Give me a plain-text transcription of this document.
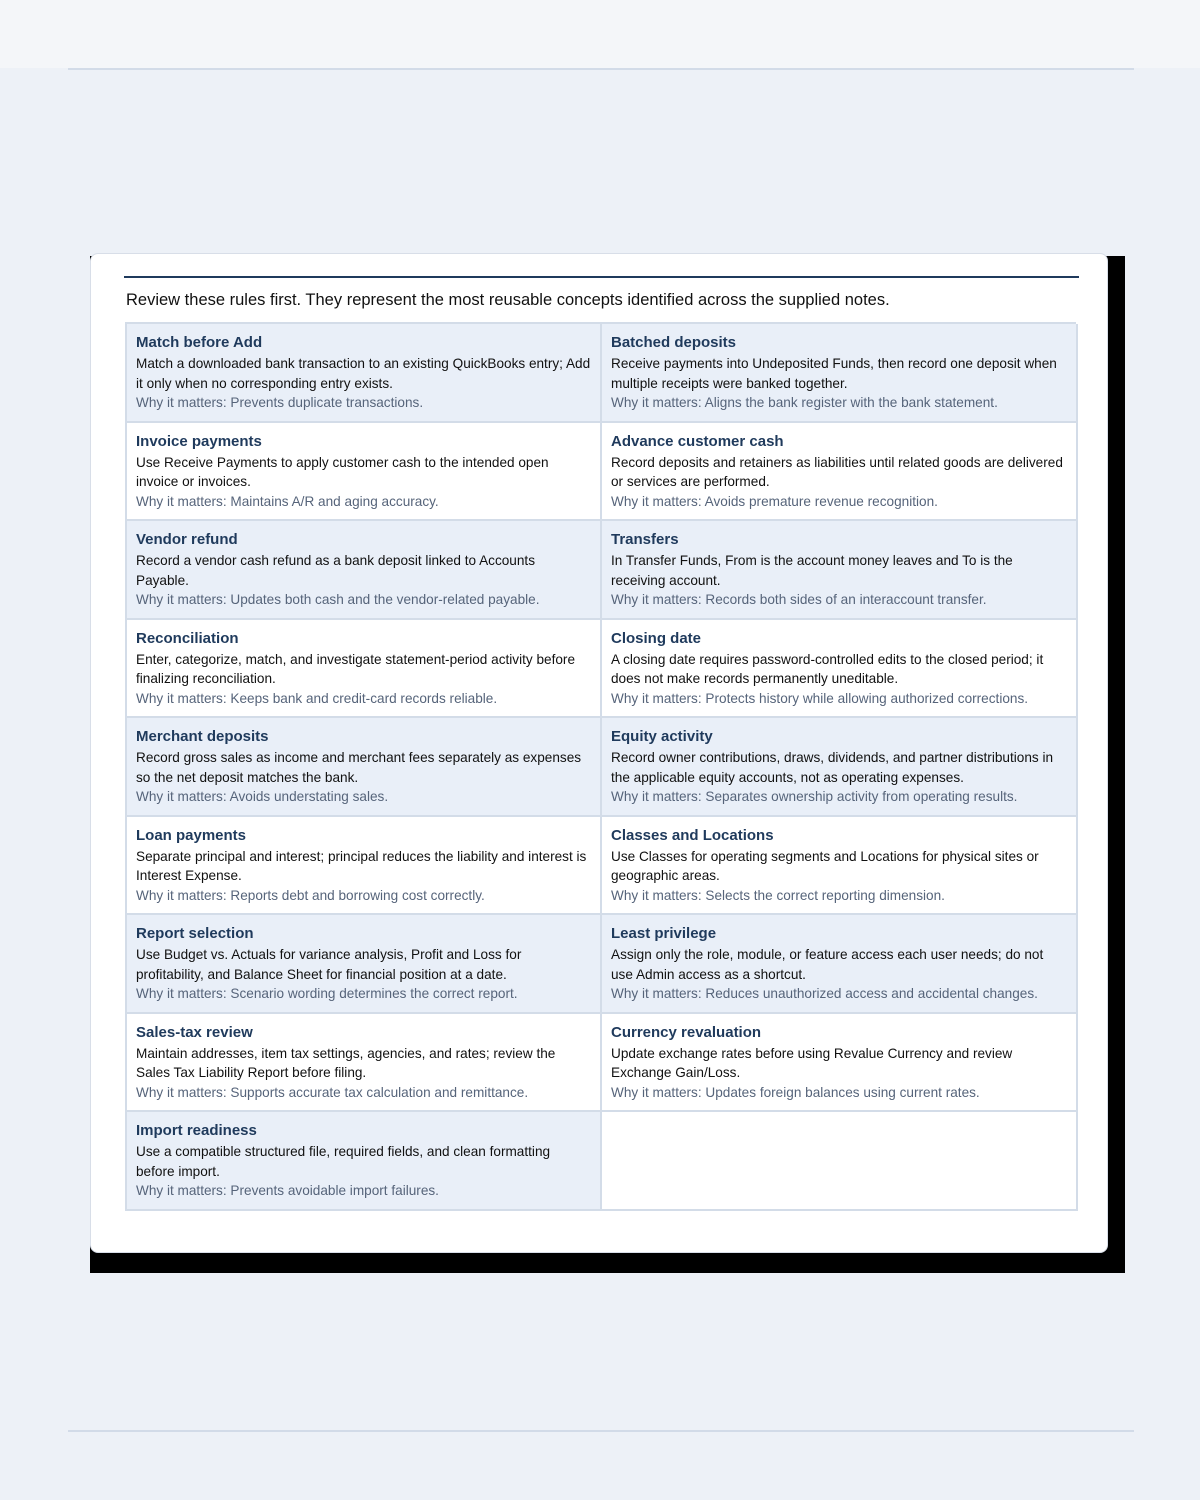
Review these rules first. They represent the most reusable concepts identified across the supplied notes.
Match before Add
Match a downloaded bank transaction to an existing QuickBooks entry; Add it only when no corresponding entry exists.
Why it matters: Prevents duplicate transactions.
Batched deposits
Receive payments into Undeposited Funds, then record one deposit when multiple receipts were banked together.
Why it matters: Aligns the bank register with the bank statement.
Invoice payments
Use Receive Payments to apply customer cash to the intended open invoice or invoices.
Why it matters: Maintains A/R and aging accuracy.
Advance customer cash
Record deposits and retainers as liabilities until related goods are delivered or services are performed.
Why it matters: Avoids premature revenue recognition.
Vendor refund
Record a vendor cash refund as a bank deposit linked to Accounts Payable.
Why it matters: Updates both cash and the vendor-related payable.
Transfers
In Transfer Funds, From is the account money leaves and To is the receiving account.
Why it matters: Records both sides of an interaccount transfer.
Reconciliation
Enter, categorize, match, and investigate statement-period activity before finalizing reconciliation.
Why it matters: Keeps bank and credit-card records reliable.
Closing date
A closing date requires password-controlled edits to the closed period; it does not make records permanently uneditable.
Why it matters: Protects history while allowing authorized corrections.
Merchant deposits
Record gross sales as income and merchant fees separately as expenses so the net deposit matches the bank.
Why it matters: Avoids understating sales.
Equity activity
Record owner contributions, draws, dividends, and partner distributions in the applicable equity accounts, not as operating expenses.
Why it matters: Separates ownership activity from operating results.
Loan payments
Separate principal and interest; principal reduces the liability and interest is Interest Expense.
Why it matters: Reports debt and borrowing cost correctly.
Classes and Locations
Use Classes for operating segments and Locations for physical sites or geographic areas.
Why it matters: Selects the correct reporting dimension.
Report selection
Use Budget vs. Actuals for variance analysis, Profit and Loss for profitability, and Balance Sheet for financial position at a date.
Why it matters: Scenario wording determines the correct report.
Least privilege
Assign only the role, module, or feature access each user needs; do not use Admin access as a shortcut.
Why it matters: Reduces unauthorized access and accidental changes.
Sales-tax review
Maintain addresses, item tax settings, agencies, and rates; review the Sales Tax Liability Report before filing.
Why it matters: Supports accurate tax calculation and remittance.
Currency revaluation
Update exchange rates before using Revalue Currency and review Exchange Gain/Loss.
Why it matters: Updates foreign balances using current rates.
Import readiness
Use a compatible structured file, required fields, and clean formatting before import.
Why it matters: Prevents avoidable import failures.
